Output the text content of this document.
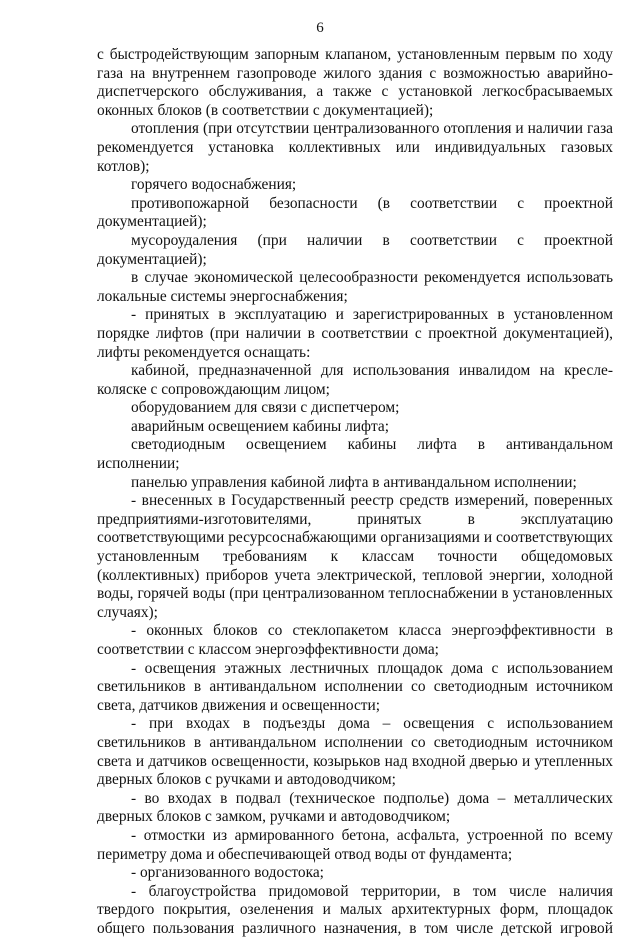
6

с быстродействующим запорным клапаном, установленным первым по ходу газа на внутреннем газопроводе жилого здания с возможностью аварийно-диспетчерского обслуживания, а также с установкой легкосбрасываемых оконных блоков (в соответствии с документацией);

отопления (при отсутствии централизованного отопления и наличии газа рекомендуется установка коллективных или индивидуальных газовых котлов);

горячего водоснабжения;

противопожарной безопасности (в соответствии с проектной документацией);

мусороудаления (при наличии в соответствии с проектной документацией);

в случае экономической целесообразности рекомендуется использовать локальные системы энергоснабжения;

- принятых в эксплуатацию и зарегистрированных в установленном порядке лифтов (при наличии в соответствии с проектной документацией), лифты рекомендуется оснащать:

кабиной, предназначенной для использования инвалидом на кресле-коляске с сопровождающим лицом;

оборудованием для связи с диспетчером;

аварийным освещением кабины лифта;

светодиодным освещением кабины лифта в антивандальном исполнении;

панелью управления кабиной лифта в антивандальном исполнении;

- внесенных в Государственный реестр средств измерений, поверенных предприятиями-изготовителями, принятых в эксплуатацию соответствующими ресурсоснабжающими организациями и соответствующих установленным требованиям к классам точности общедомовых (коллективных) приборов учета электрической, тепловой энергии, холодной воды, горячей воды (при централизованном теплоснабжении в установленных случаях);

- оконных блоков со стеклопакетом класса энергоэффективности в соответствии с классом энергоэффективности дома;

- освещения этажных лестничных площадок дома с использованием светильников в антивандальном исполнении со светодиодным источником света, датчиков движения и освещенности;

- при входах в подъезды дома – освещения с использованием светильников в антивандальном исполнении со светодиодным источником света и датчиков освещенности, козырьков над входной дверью и утепленных дверных блоков с ручками и автодоводчиком;

- во входах в подвал (техническое подполье) дома – металлических дверных блоков с замком, ручками и автодоводчиком;

- отмостки из армированного бетона, асфальта, устроенной по всему периметру дома и обеспечивающей отвод воды от фундамента;

- организованного водостока;

- благоустройства придомовой территории, в том числе наличия твердого покрытия, озеленения и малых архитектурных форм, площадок общего пользования различного назначения, в том числе детской игровой
